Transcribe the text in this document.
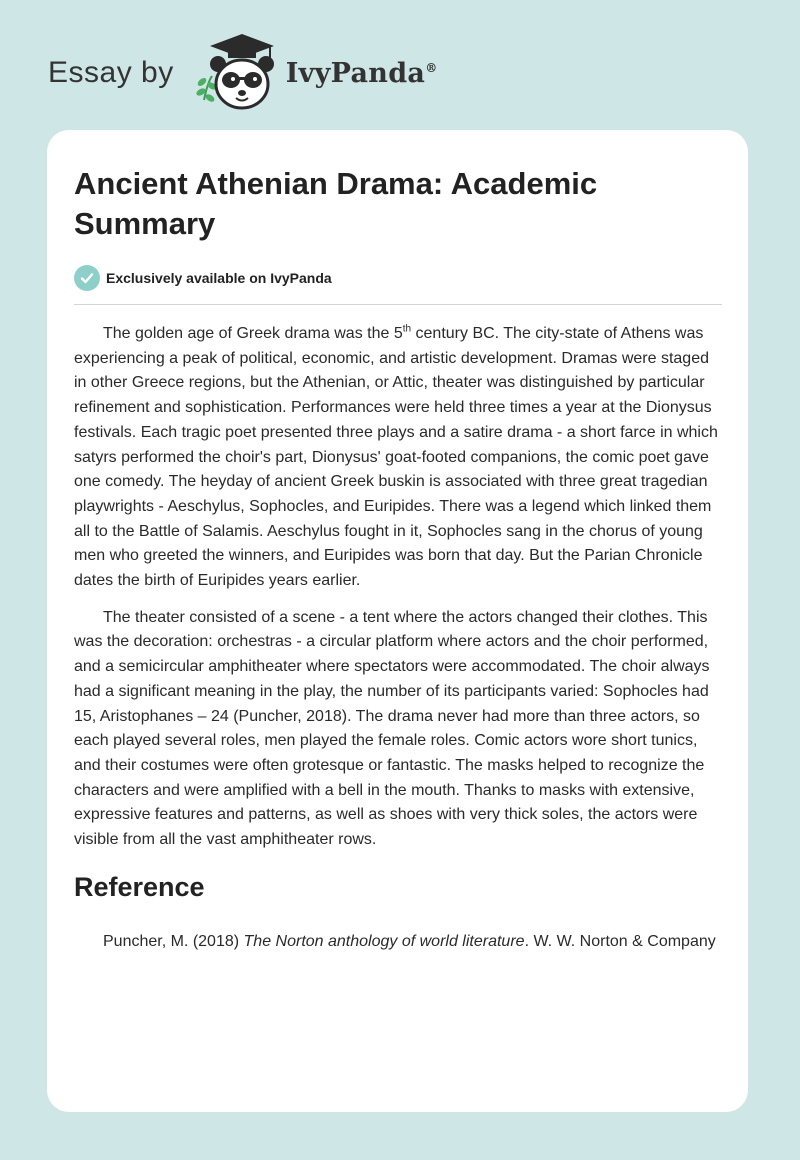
Essay by	IvyPanda®
Ancient Athenian Drama: Academic Summary
Exclusively available on IvyPanda

The golden age of Greek drama was the 5th century BC. The city-state of Athens was experiencing a peak of political, economic, and artistic development. Dramas were staged in other Greece regions, but the Athenian, or Attic, theater was distinguished by particular refinement and sophistication. Performances were held three times a year at the Dionysus festivals. Each tragic poet presented three plays and a satire drama - a short farce in which satyrs performed the choir's part, Dionysus' goat-footed companions, the comic poet gave one comedy. The heyday of ancient Greek buskin is associated with three great tragedian playwrights - Aeschylus, Sophocles, and Euripides. There was a legend which linked them all to the Battle of Salamis. Aeschylus fought in it, Sophocles sang in the chorus of young men who greeted the winners, and Euripides was born that day. But the Parian Chronicle dates the birth of Euripides years earlier.

The theater consisted of a scene - a tent where the actors changed their clothes. This was the decoration: orchestras - a circular platform where actors and the choir performed, and a semicircular amphitheater where spectators were accommodated. The choir always had a significant meaning in the play, the number of its participants varied: Sophocles had 15, Aristophanes – 24 (Puncher, 2018). The drama never had more than three actors, so each played several roles, men played the female roles. Comic actors wore short tunics, and their costumes were often grotesque or fantastic. The masks helped to recognize the characters and were amplified with a bell in the mouth. Thanks to masks with extensive, expressive features and patterns, as well as shoes with very thick soles, the actors were visible from all the vast amphitheater rows.

Reference

Puncher, M. (2018) The Norton anthology of world literature. W. W. Norton & Company
